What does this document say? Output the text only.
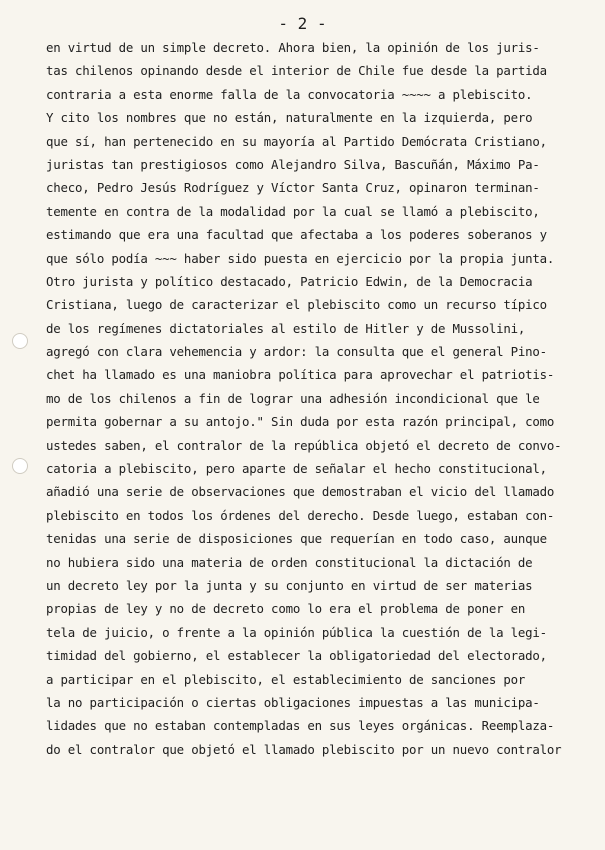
- 2 -
en virtud de un simple decreto. Ahora bien, la opinión de los juris-
tas chilenos opinando desde el interior de Chile fue desde la partida
contraria a esta enorme falla de la convocatoria ~~~~ a plebiscito.
Y cito los nombres que no están, naturalmente en la izquierda, pero
que sí, han pertenecido en su mayoría al Partido Demócrata Cristiano,
juristas tan prestigiosos como Alejandro Silva, Bascuñán, Máximo Pa-
checo, Pedro Jesús Rodríguez y Víctor Santa Cruz, opinaron terminan-
temente en contra de la modalidad por la cual se llamó a plebiscito,
estimando que era una facultad que afectaba a los poderes soberanos y
que sólo podía ~~~ haber sido puesta en ejercicio por la propia junta.
Otro jurista y político destacado, Patricio Edwin, de la Democracia
Cristiana, luego de caracterizar el plebiscito como un recurso típico
de los regímenes dictatoriales al estilo de Hitler y de Mussolini,
agregó con clara vehemencia y ardor: la consulta que el general Pino-
chet ha llamado es una maniobra política para aprovechar el patriotis-
mo de los chilenos a fin de lograr una adhesión incondicional que le
permita gobernar a su antojo." Sin duda por esta razón principal, como
ustedes saben, el contralor de la república objetó el decreto de convo-
catoria a plebiscito, pero aparte de señalar el hecho constitucional,
añadió una serie de observaciones que demostraban el vicio del llamado
plebiscito en todos los órdenes del derecho. Desde luego, estaban con-
tenidas una serie de disposiciones que requerían en todo caso, aunque
no hubiera sido una materia de orden constitucional la dictación de
un decreto ley por la junta y su conjunto en virtud de ser materias
propias de ley y no de decreto como lo era el problema de poner en
tela de juicio, o frente a la opinión pública la cuestión de la legi-
timidad del gobierno, el establecer la obligatoriedad del electorado,
a participar en el plebiscito, el establecimiento de sanciones por
la no participación o ciertas obligaciones impuestas a las municipa-
lidades que no estaban contempladas en sus leyes orgánicas. Reemplaza-
do el contralor que objetó el llamado plebiscito por un nuevo contralor
